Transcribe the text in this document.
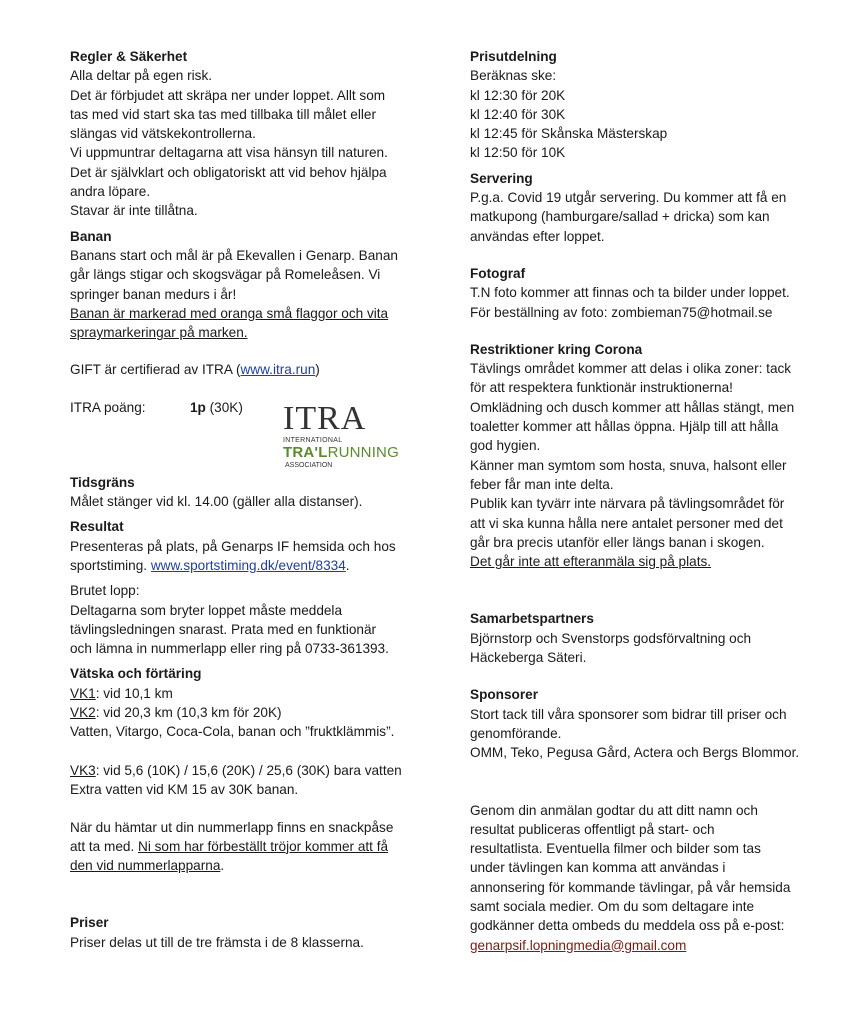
Regler & Säkerhet

Alla deltar på egen risk.

Det är förbjudet att skräpa ner under loppet. Allt som

tas med vid start ska tas med tillbaka till målet eller

slängas vid vätskekontrollerna.

Vi uppmuntrar deltagarna att visa hänsyn till naturen.

Det är självklart och obligatoriskt att vid behov hjälpa

andra löpare.

Stavar är inte tillåtna.

Banan

Banans start och mål är på Ekevallen i Genarp. Banan

går längs stigar och skogsvägar på Romeleåsen. Vi

springer banan medurs i år!

Banan är markerad med oranga små flaggor och vita

spraymarkeringar på marken.

GIFT är certifierad av ITRA (www.itra.run)

ITRA poäng:	1p (30K) ITRA
INTERNATIONAL
TRA'LRUNNING
ASSOCIATION

Tidsgräns

Målet stänger vid kl. 14.00 (gäller alla distanser).

Resultat

Presenteras på plats, på Genarps IF hemsida och hos

sportstiming. www.sportstiming.dk/event/8334.

Brutet lopp:

Deltagarna som bryter loppet måste meddela

tävlingsledningen snarast. Prata med en funktionär

och lämna in nummerlapp eller ring på 0733-361393.

Vätska och förtäring

VK1: vid 10,1 km

VK2: vid 20,3 km (10,3 km för 20K)

Vatten, Vitargo, Coca-Cola, banan och ”fruktklämmis”.

VK3: vid 5,6 (10K) / 15,6 (20K) / 25,6 (30K) bara vatten

Extra vatten vid KM 15 av 30K banan.

När du hämtar ut din nummerlapp finns en snackpåse

att ta med. Ni som har förbeställt tröjor kommer att få

den vid nummerlapparna.

Priser

Priser delas ut till de tre främsta i de 8 klasserna.

Prisutdelning

Beräknas ske:

kl 12:30 för 20K

kl 12:40 för 30K

kl 12:45 för Skånska Mästerskap

kl 12:50 för 10K

Servering

P.g.a. Covid 19 utgår servering. Du kommer att få en

matkupong (hamburgare/sallad + dricka) som kan

användas efter loppet.

Fotograf

T.N foto kommer att finnas och ta bilder under loppet.

För beställning av foto: zombieman75@hotmail.se

Restriktioner kring Corona

Tävlings området kommer att delas i olika zoner: tack

för att respektera funktionär instruktionerna!

Omklädning och dusch kommer att hållas stängt, men

toaletter kommer att hållas öppna. Hjälp till att hålla

god hygien.

Känner man symtom som hosta, snuva, halsont eller

feber får man inte delta.

Publik kan tyvärr inte närvara på tävlingsområdet för

att vi ska kunna hålla nere antalet personer med det

går bra precis utanför eller längs banan i skogen.

Det går inte att efteranmäla sig på plats.

Samarbetspartners

Björnstorp och Svenstorps godsförvaltning och

Häckeberga Säteri.

Sponsorer

Stort tack till våra sponsorer som bidrar till priser och

genomförande.

OMM, Teko, Pegusa Gård, Actera och Bergs Blommor.

Genom din anmälan godtar du att ditt namn och

resultat publiceras offentligt på start- och

resultatlista. Eventuella filmer och bilder som tas

under tävlingen kan komma att användas i

annonsering för kommande tävlingar, på vår hemsida

samt sociala medier. Om du som deltagare inte

godkänner detta ombeds du meddela oss på e-post:

genarpsif.lopningmedia@gmail.com
